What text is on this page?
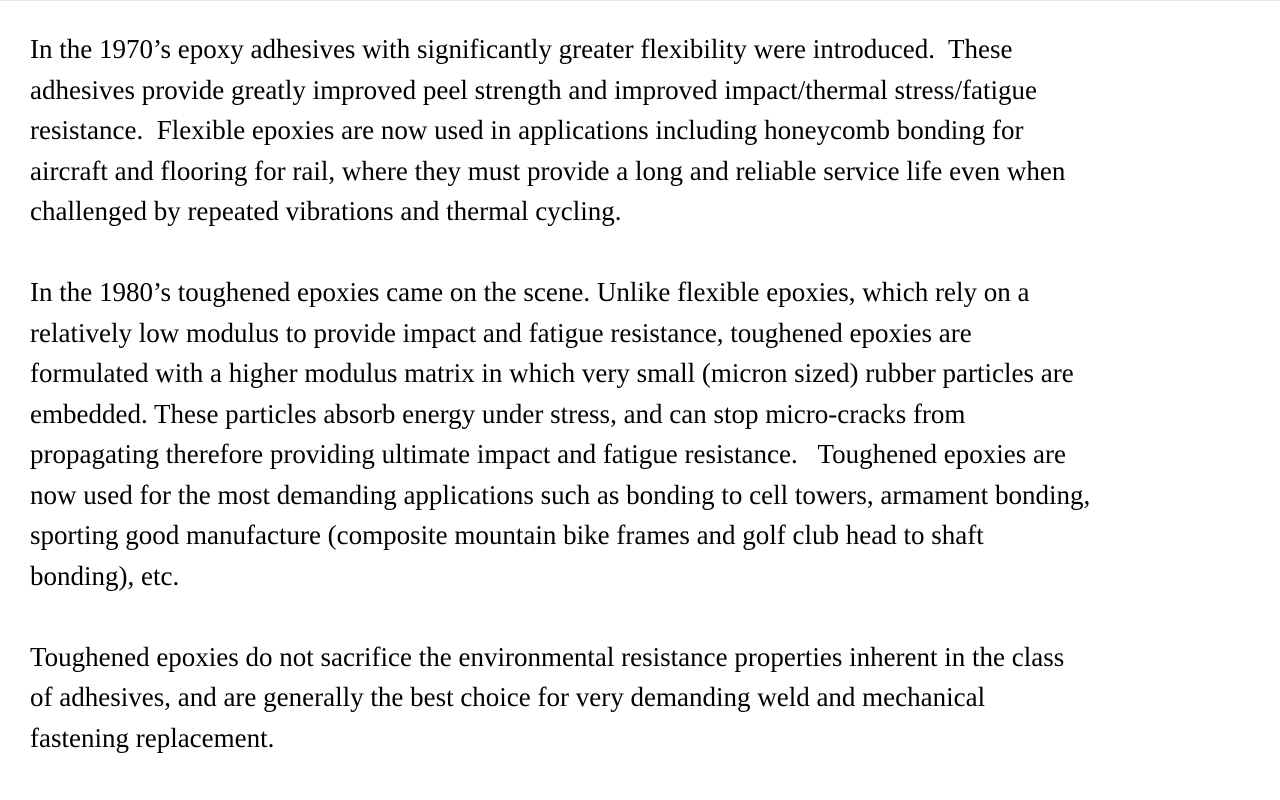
In the 1970’s epoxy adhesives with significantly greater flexibility were introduced.  These
adhesives provide greatly improved peel strength and improved impact/thermal stress/fatigue
resistance.  Flexible epoxies are now used in applications including honeycomb bonding for
aircraft and flooring for rail, where they must provide a long and reliable service life even when
challenged by repeated vibrations and thermal cycling.
In the 1980’s toughened epoxies came on the scene. Unlike flexible epoxies, which rely on a
relatively low modulus to provide impact and fatigue resistance, toughened epoxies are
formulated with a higher modulus matrix in which very small (micron sized) rubber particles are
embedded. These particles absorb energy under stress, and can stop micro-cracks from
propagating therefore providing ultimate impact and fatigue resistance.   Toughened epoxies are
now used for the most demanding applications such as bonding to cell towers, armament bonding,
sporting good manufacture (composite mountain bike frames and golf club head to shaft
bonding), etc.
Toughened epoxies do not sacrifice the environmental resistance properties inherent in the class
of adhesives, and are generally the best choice for very demanding weld and mechanical
fastening replacement.
